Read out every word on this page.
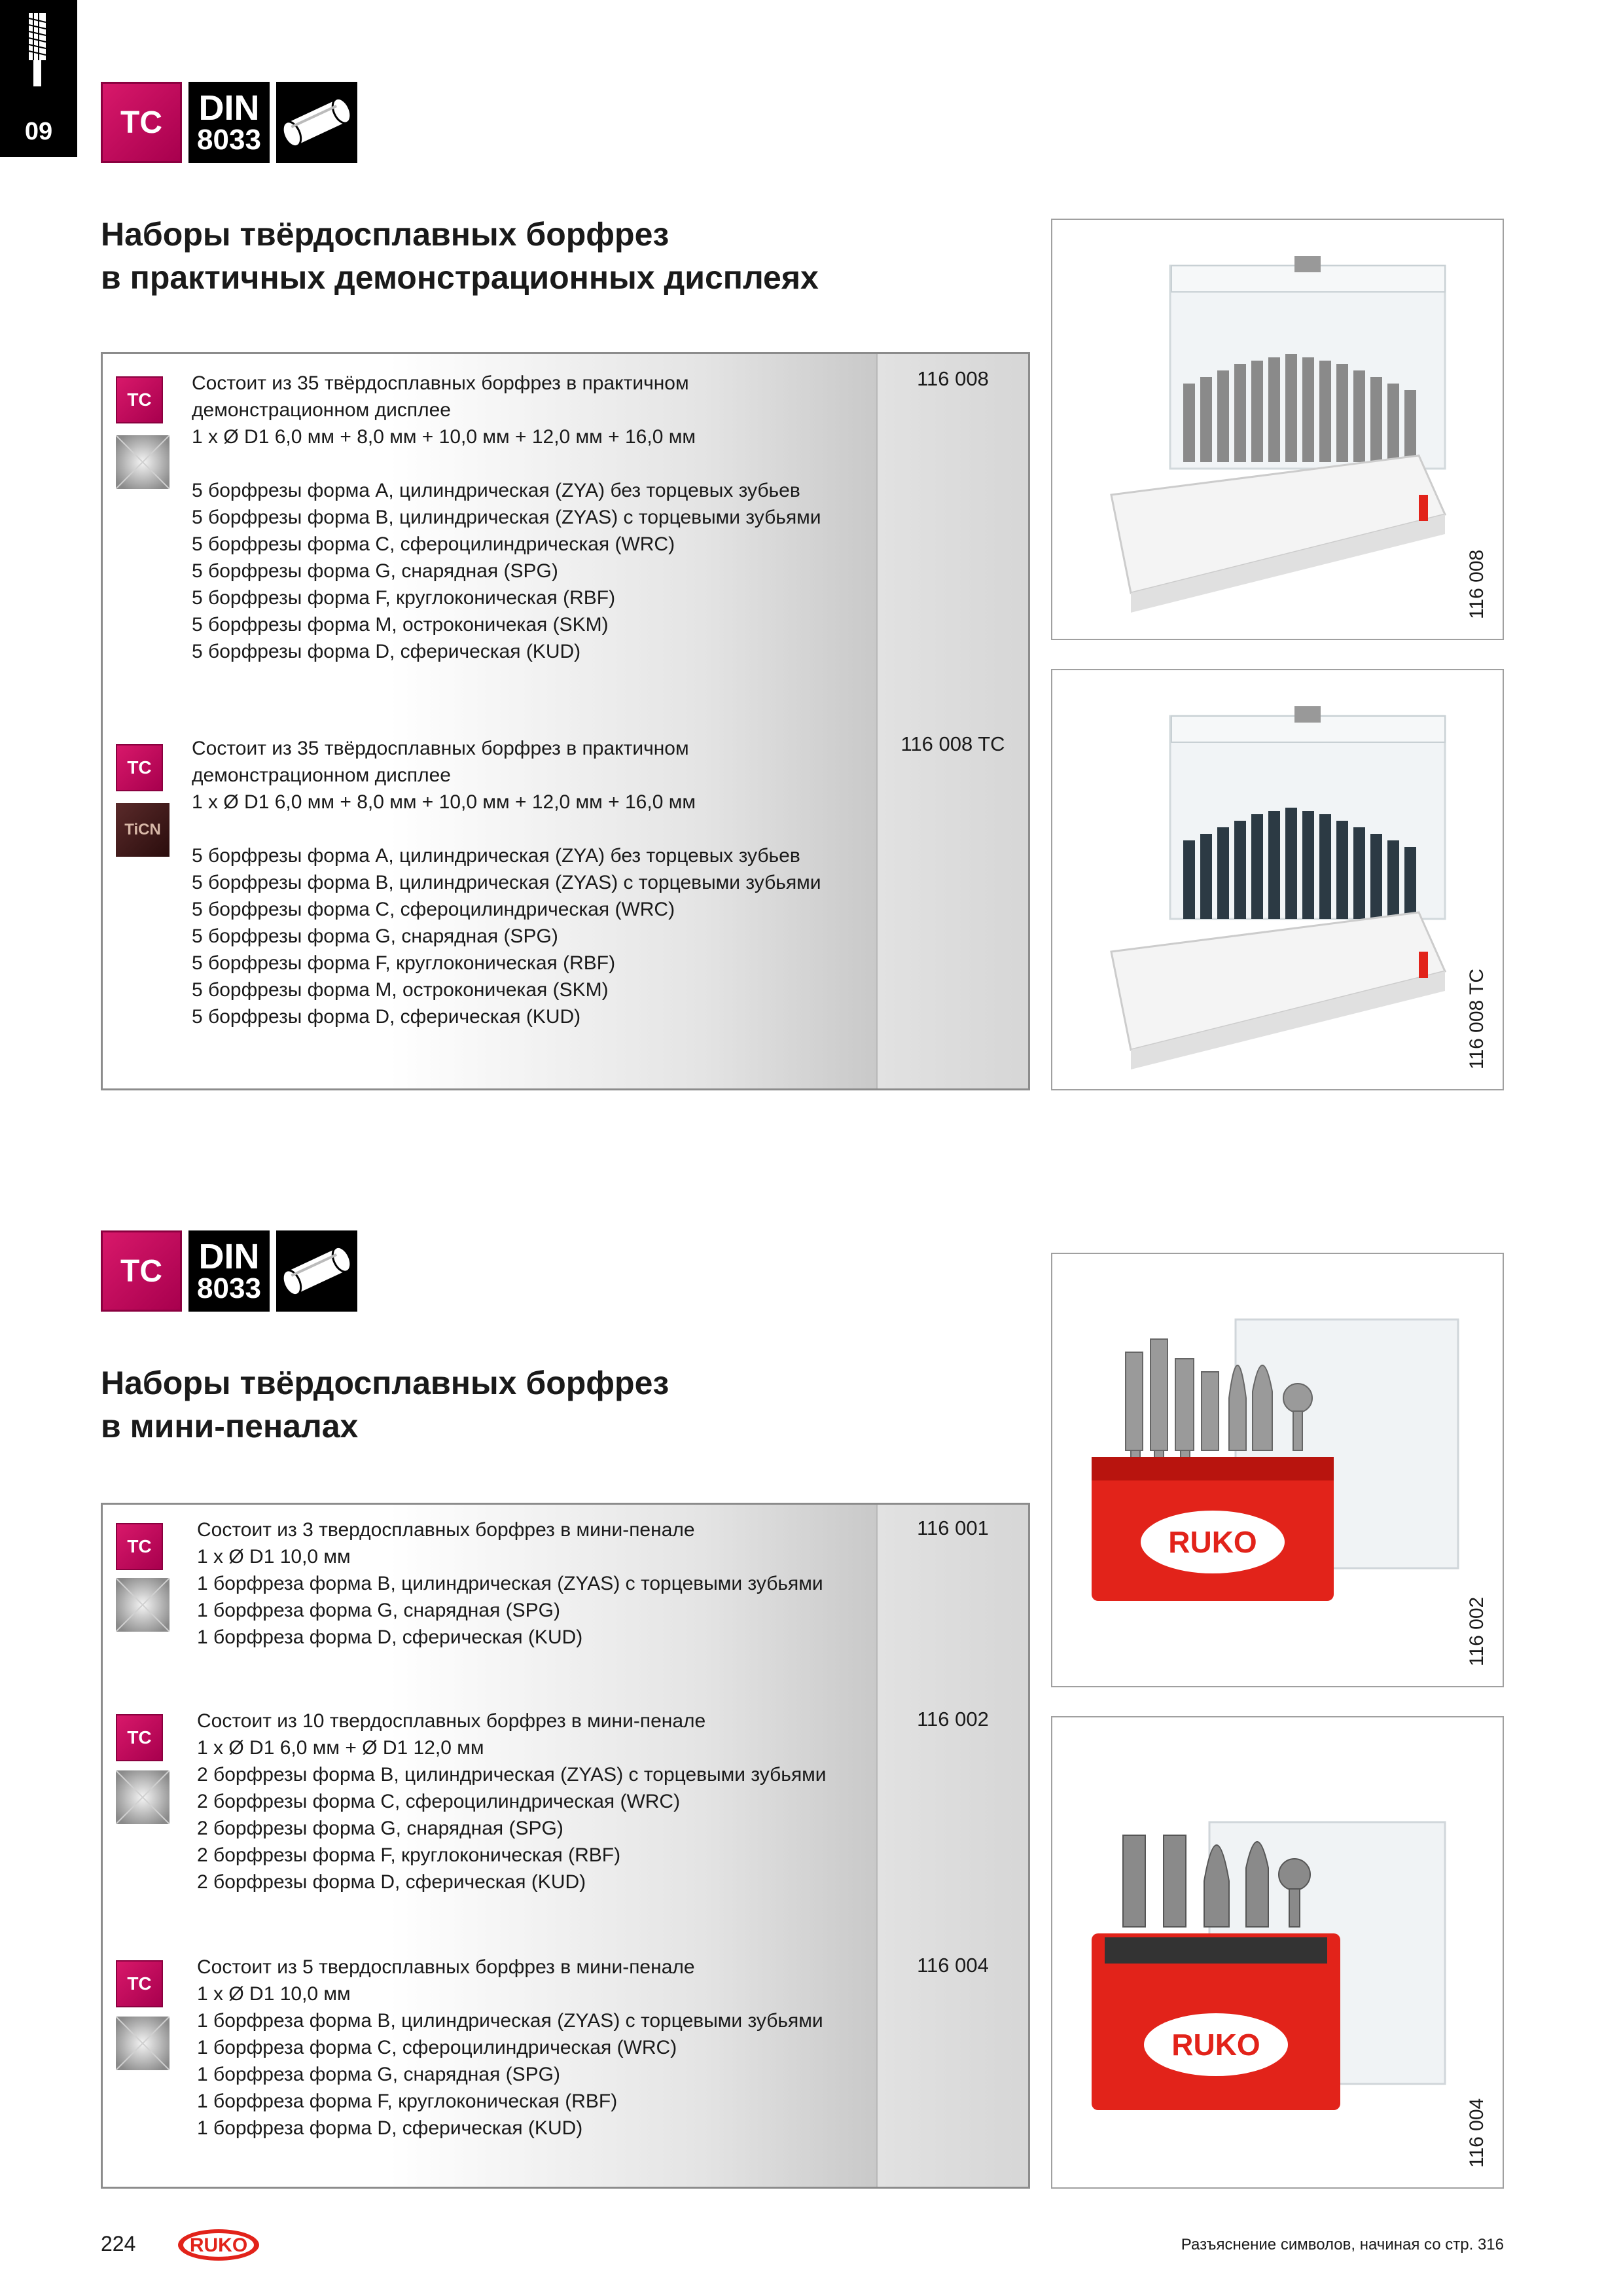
09	TC	DIN
8033
Наборы твёрдосплавных борфрез
в практичных демонстрационных дисплеях
TC

Состоит из 35 твёрдосплавных борфрез в практичном

демонстрационном дисплее

1 x Ø D1 6,0 мм + 8,0 мм + 10,0 мм + 12,0 мм + 16,0 мм

5 борфрезы форма A, цилиндрическая (ZYA) без торцевых зубьев

5 борфрезы форма B, цилиндрическая (ZYAS) с торцевыми зубьями

5 борфрезы форма C, сфероцилиндрическая (WRC)

5 борфрезы форма G, снарядная (SPG)

5 борфрезы форма F, круглоконическая (RBF)

5 борфрезы форма M, остроконичекая (SKM)

5 борфрезы форма D, сферическая (KUD)

116 008
TC
TiCN

Состоит из 35 твёрдосплавных борфрез в практичном

демонстрационном дисплее

1 x Ø D1 6,0 мм + 8,0 мм + 10,0 мм + 12,0 мм + 16,0 мм

5 борфрезы форма A, цилиндрическая (ZYA) без торцевых зубьев

5 борфрезы форма B, цилиндрическая (ZYAS) с торцевыми зубьями

5 борфрезы форма C, сфероцилиндрическая (WRC)

5 борфрезы форма G, снарядная (SPG)

5 борфрезы форма F, круглоконическая (RBF)

5 борфрезы форма M, остроконичекая (SKM)

5 борфрезы форма D, сферическая (KUD)

116 008 TC
116 008
116 008 TC
TC	DIN
8033
Наборы твёрдосплавных борфрез
в мини-пеналах
TC

Состоит из 3 твердосплавных борфрез в мини-пенале

1 x Ø D1 10,0 мм

1 борфреза форма B, цилиндрическая (ZYAS) с торцевыми зубьями

1 борфреза форма G, снарядная (SPG)

1 борфреза форма D, сферическая (KUD)

116 001
TC

Состоит из 10 твердосплавных борфрез в мини-пенале

1 x Ø D1 6,0 мм + Ø D1 12,0 мм

2 борфрезы форма B, цилиндрическая (ZYAS) с торцевыми зубьями

2 борфрезы форма C, сфероцилиндрическая (WRC)

2 борфрезы форма G, снарядная (SPG)

2 борфрезы форма F, круглоконическая (RBF)

2 борфрезы форма D, сферическая (KUD)

116 002
TC

Состоит из 5 твердосплавных борфрез в мини-пенале

1 x Ø D1 10,0 мм

1 борфреза форма B, цилиндрическая (ZYAS) с торцевыми зубьями

1 борфреза форма C, сфероцилиндрическая (WRC)

1 борфреза форма G, снарядная (SPG)

1 борфреза форма F, круглоконическая (RBF)

1 борфреза форма D, сферическая (KUD)

116 004
RUKO
116 002
RUKO
116 004
224	RUKO	Разъяснение символов, начиная со стр. 316
